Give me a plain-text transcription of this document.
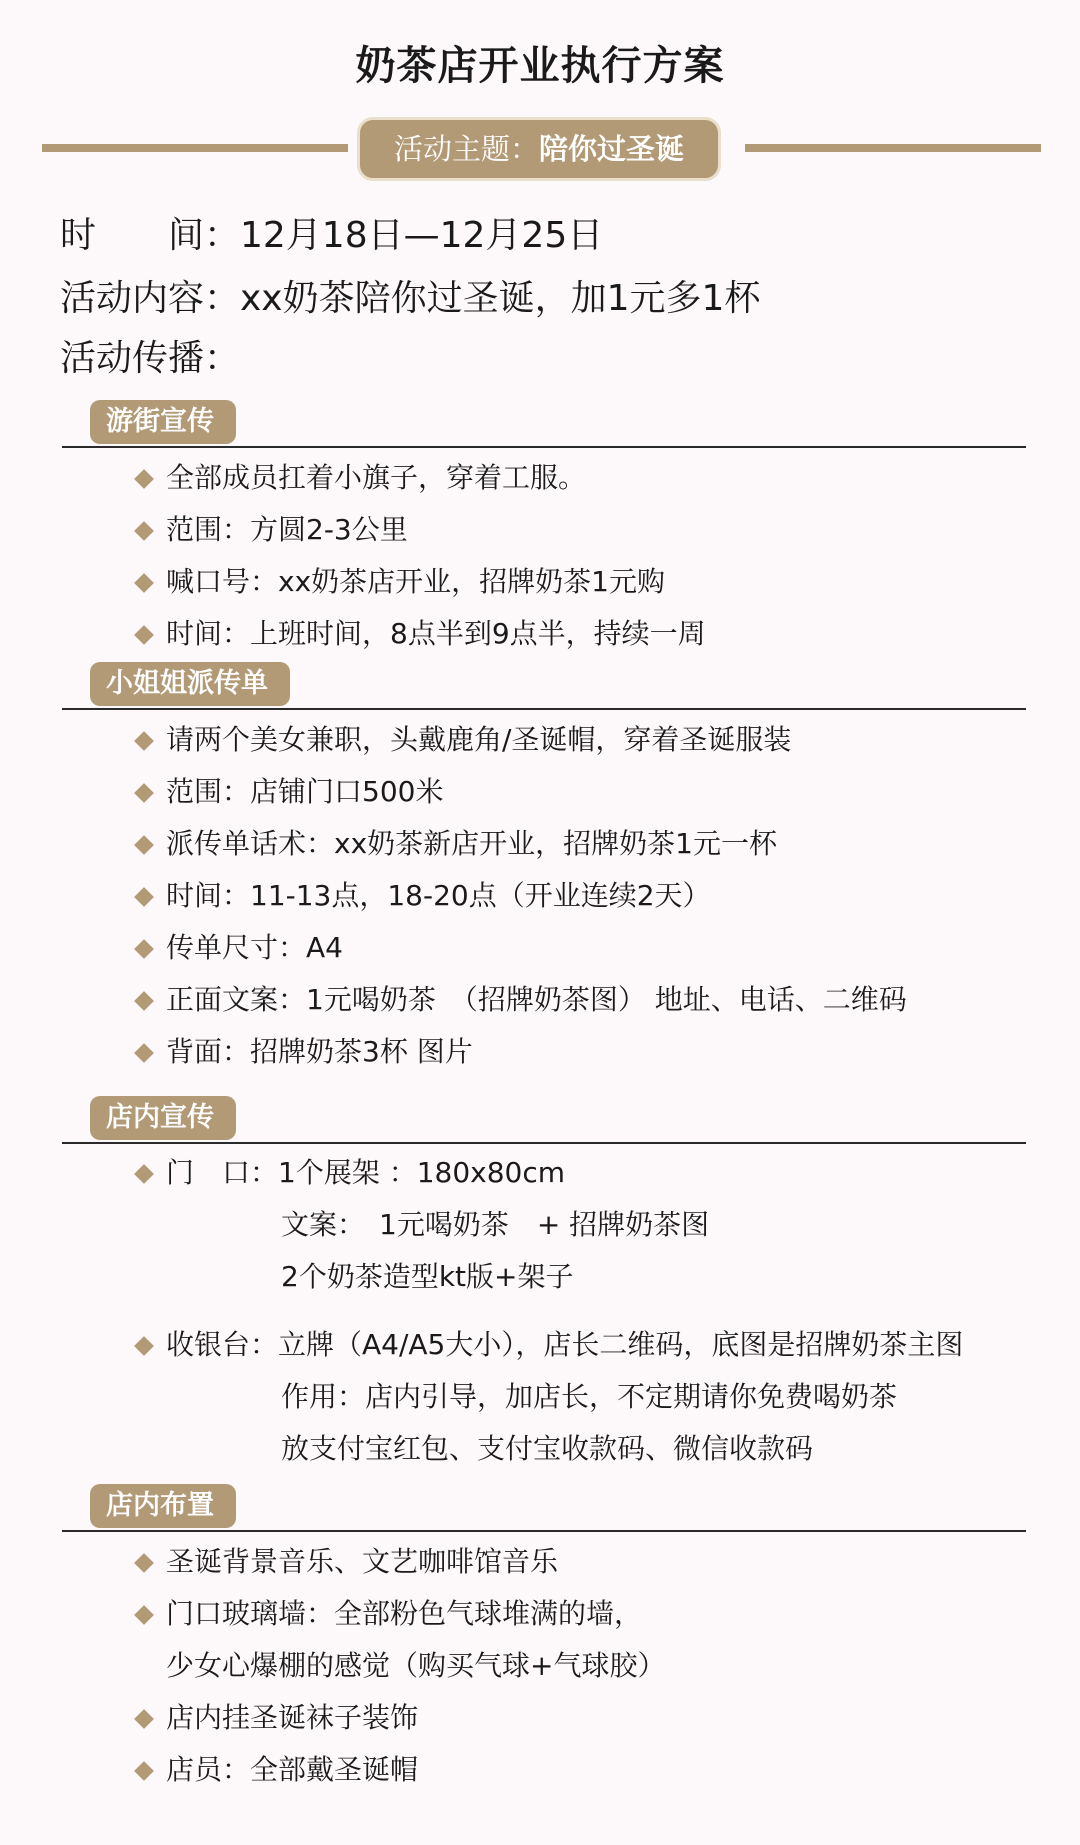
奶茶店开业执行方案
活动主题：陪你过圣诞
时　　间：12月18日—12月25日
活动内容：xx奶茶陪你过圣诞，加1元多1杯
活动传播：
游街宣传
全部成员扛着小旗子，穿着工服。
范围：方圆2-3公里
喊口号：xx奶茶店开业，招牌奶茶1元购
时间：上班时间，8点半到9点半，持续一周
小姐姐派传单
请两个美女兼职，头戴鹿角/圣诞帽，穿着圣诞服装
范围：店铺门口500米
派传单话术：xx奶茶新店开业，招牌奶茶1元一杯
时间：11-13点，18-20点（开业连续2天）
传单尺寸：A4
正面文案：1元喝奶茶　（招牌奶茶图） 地址、电话、二维码
背面：招牌奶茶3杯 图片
店内宣传
门　口：1个展架 ：180x80cm
文案：　1元喝奶茶　+ 招牌奶茶图
2个奶茶造型kt版+架子
收银台：立牌（A4/A5大小），店长二维码，底图是招牌奶茶主图
作用：店内引导，加店长，不定期请你免费喝奶茶
放支付宝红包、支付宝收款码、微信收款码
店内布置
圣诞背景音乐、文艺咖啡馆音乐
门口玻璃墙：全部粉色气球堆满的墙，
少女心爆棚的感觉（购买气球+气球胶）
店内挂圣诞袜子装饰
店员：全部戴圣诞帽
